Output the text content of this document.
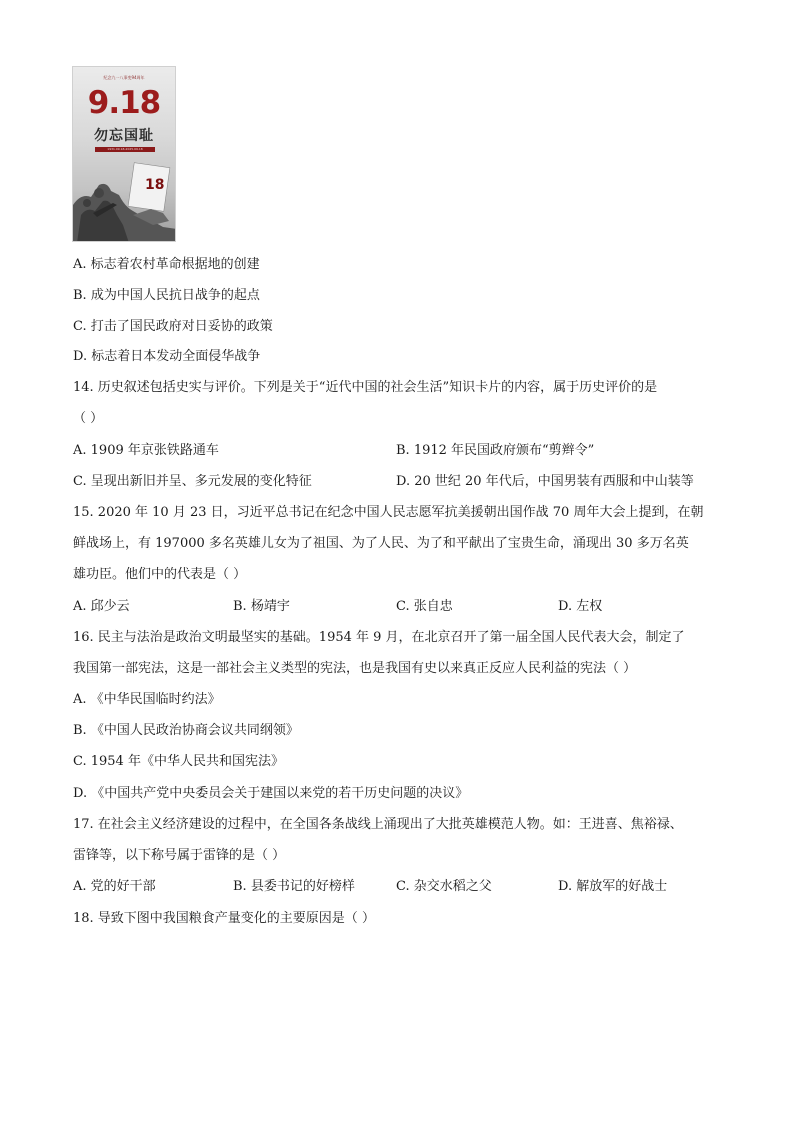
纪念九一八事变94周年
9.18
勿忘国耻
1931.09.18-2025.09.18
18
A. 标志着农村革命根据地的创建
B. 成为中国人民抗日战争的起点
C. 打击了国民政府对日妥协的政策
D. 标志着日本发动全面侵华战争
14. 历史叙述包括史实与评价。下列是关于“近代中国的社会生活”知识卡片的内容，属于历史评价的是
（ ）
A. 1909 年京张铁路通车	B. 1912 年民国政府颁布“剪辫令”
C. 呈现出新旧并呈、多元发展的变化特征	D. 20 世纪 20 年代后，中国男装有西服和中山装等
15. 2020 年 10 月 23 日，习近平总书记在纪念中国人民志愿军抗美援朝出国作战 70 周年大会上提到，在朝
鲜战场上，有 197000 多名英雄儿女为了祖国、为了人民、为了和平献出了宝贵生命，涌现出 30 多万名英
雄功臣。他们中的代表是（ ）
A. 邱少云	B. 杨靖宇	C. 张自忠	D. 左权
16. 民主与法治是政治文明最坚实的基础。1954 年 9 月，在北京召开了第一届全国人民代表大会，制定了
我国第一部宪法，这是一部社会主义类型的宪法，也是我国有史以来真正反应人民利益的宪法（ ）
A. 《中华民国临时约法》
B. 《中国人民政治协商会议共同纲领》
C. 1954 年《中华人民共和国宪法》
D. 《中国共产党中央委员会关于建国以来党的若干历史问题的决议》
17. 在社会主义经济建设的过程中，在全国各条战线上涌现出了大批英雄模范人物。如：王进喜、焦裕禄、
雷锋等，以下称号属于雷锋的是（ ）
A. 党的好干部	B. 县委书记的好榜样	C. 杂交水稻之父	D. 解放军的好战士
18. 导致下图中我国粮食产量变化的主要原因是（ ）
